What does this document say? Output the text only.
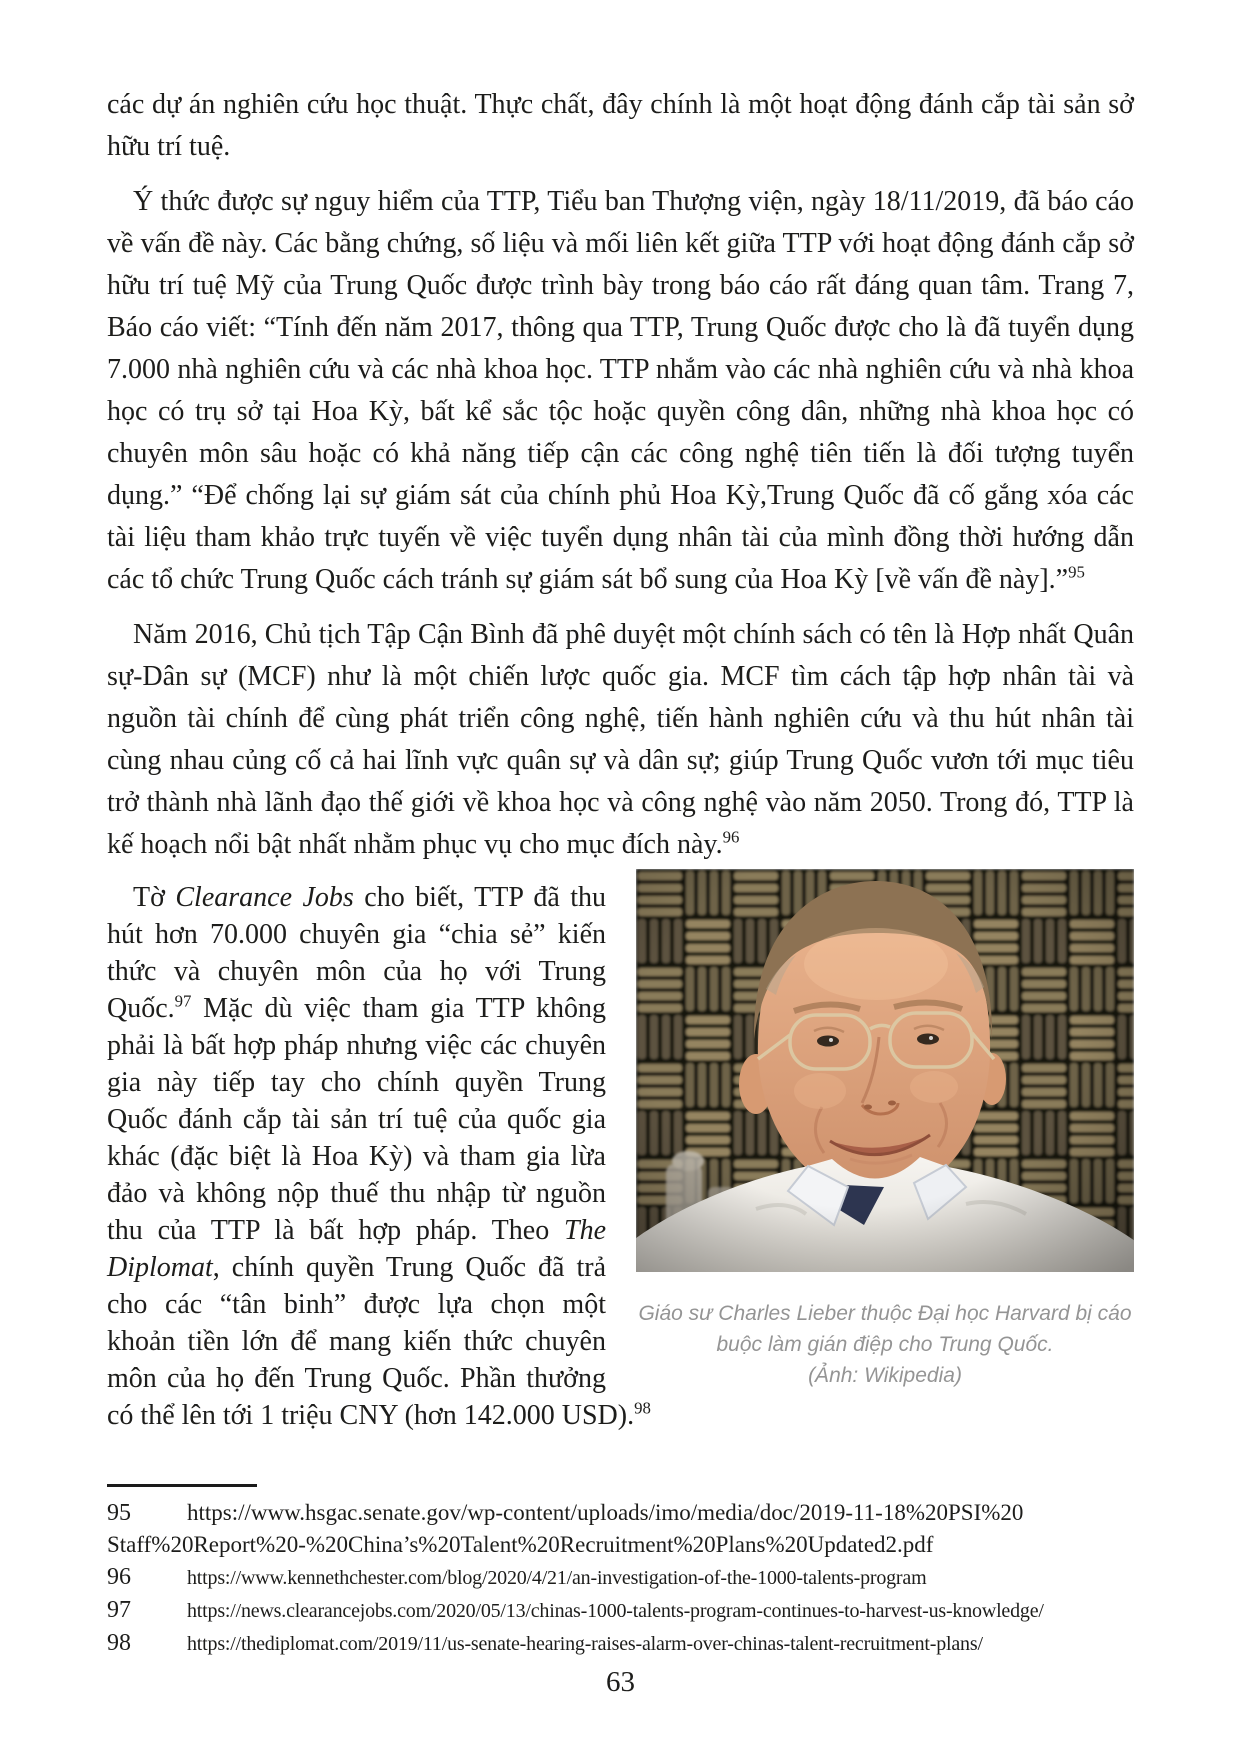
các dự án nghiên cứu học thuật. Thực chất, đây chính là một hoạt động đánh cắp tài sản sở hữu trí tuệ.

Ý thức được sự nguy hiểm của TTP, Tiểu ban Thượng viện, ngày 18/11/2019, đã báo cáo về vấn đề này. Các bằng chứng, số liệu và mối liên kết giữa TTP với hoạt động đánh cắp sở hữu trí tuệ Mỹ của Trung Quốc được trình bày trong báo cáo rất đáng quan tâm. Trang 7, Báo cáo viết: “Tính đến năm 2017, thông qua TTP, Trung Quốc được cho là đã tuyển dụng 7.000 nhà nghiên cứu và các nhà khoa học. TTP nhắm vào các nhà nghiên cứu và nhà khoa học có trụ sở tại Hoa Kỳ, bất kể sắc tộc hoặc quyền công dân, những nhà khoa học có chuyên môn sâu hoặc có khả năng tiếp cận các công nghệ tiên tiến là đối tượng tuyển dụng.” “Để chống lại sự giám sát của chính phủ Hoa Kỳ,Trung Quốc đã cố gắng xóa các tài liệu tham khảo trực tuyến về việc tuyển dụng nhân tài của mình đồng thời hướng dẫn các tổ chức Trung Quốc cách tránh sự giám sát bổ sung của Hoa Kỳ [về vấn đề này].”$^{95}$

Năm 2016, Chủ tịch Tập Cận Bình đã phê duyệt một chính sách có tên là Hợp nhất Quân sự-Dân sự (MCF) như là một chiến lược quốc gia. MCF tìm cách tập hợp nhân tài và nguồn tài chính để cùng phát triển công nghệ, tiến hành nghiên cứu và thu hút nhân tài cùng nhau củng cố cả hai lĩnh vực quân sự và dân sự; giúp Trung Quốc vươn tới mục tiêu trở thành nhà lãnh đạo thế giới về khoa học và công nghệ vào năm 2050. Trong đó, TTP là kế hoạch nổi bật nhất nhằm phục vụ cho mục đích này.$^{96}$

Giáo sư Charles Lieber thuộc Đại học Harvard bị cáo
buộc làm gián điệp cho Trung Quốc.
(Ảnh: Wikipedia)
Tờ Clearance Jobs cho biết, TTP đã thu hút hơn 70.000 chuyên gia “chia sẻ” kiến thức và chuyên môn của họ với Trung Quốc.$^{97}$ Mặc dù việc tham gia TTP không phải là bất hợp pháp nhưng việc các chuyên gia này tiếp tay cho chính quyền Trung Quốc đánh cắp tài sản trí tuệ của quốc gia khác (đặc biệt là Hoa Kỳ) và tham gia lừa đảo và không nộp thuế thu nhập từ nguồn thu của TTP là bất hợp pháp. Theo The Diplomat, chính quyền Trung Quốc đã trả cho các “tân binh” được lựa chọn một khoản tiền lớn để mang kiến thức chuyên môn của họ đến Trung Quốc. Phần thưởng có thể lên tới 1 triệu CNY (hơn 142.000 USD).$^{98}$

95 https://www.hsgac.senate.gov/wp-content/uploads/imo/media/doc/2019-11-18%20PSI%20
Staff%20Report%20-%20China’s%20Talent%20Recruitment%20Plans%20Updated2.pdf
96	https://www.kennethchester.com/blog/2020/4/21/an-investigation-of-the-1000-talents-program
97	https://news.clearancejobs.com/2020/05/13/chinas-1000-talents-program-continues-to-harvest-us-knowledge/
98	https://thediplomat.com/2019/11/us-senate-hearing-raises-alarm-over-chinas-talent-recruitment-plans/
63
